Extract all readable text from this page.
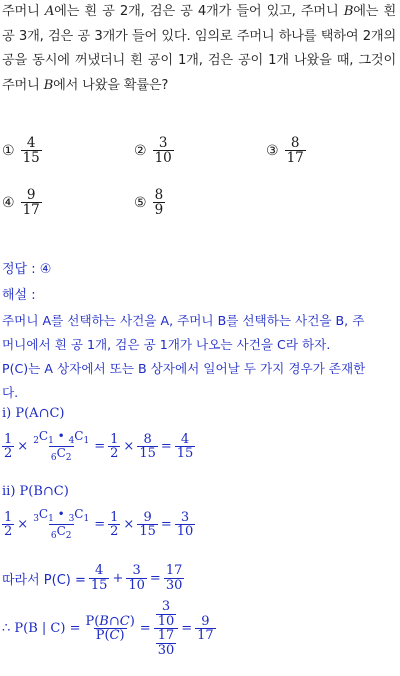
주머니 A에는 흰 공 2개, 검은 공 4개가 들어 있고, 주머니 B에는 흰 공 3개, 검은 공 3개가 들어 있다. 임의로 주머니 하나를 택하여 2개의 공을 동시에 꺼냈더니 흰 공이 1개, 검은 공이 1개 나왔을 때, 그것이 주머니 B에서 나왔을 확률은?
① $\frac{4}{15}$	② $\frac{3}{10}$	③ $\frac{8}{17}$
④ $\frac{9}{17}$	⑤ $\frac{8}{9}$
정답 : ④
해설 :
주머니 A를 선택하는 사건을 A, 주머니 B를 선택하는 사건을 B, 주
머니에서 흰 공 1개, 검은 공 1개가 나오는 사건을 C라 하자.
P(C)는 A 상자에서 또는 B 상자에서 일어날 두 가지 경우가 존재한
다.
ⅰ) P(A∩C)
$\frac{1}{2} \times \frac{_2C_1 • _4C_1}{_6C_2} = \frac{1}{2} \times \frac{8}{15} = \frac{4}{15}$
ⅱ) P(B∩C)
$\frac{1}{2} \times \frac{_3C_1 • _3C_1}{_6C_2} = \frac{1}{2} \times \frac{9}{15} = \frac{3}{10}$
따라서 $P(C) = \frac{4}{15} + \frac{3}{10} = \frac{17}{30}$
∴ P(B | $C) = \frac{P(B\cap C)}{P(C)} = \frac{\frac{3}{10}}{\frac{17}{30}} = \frac{9}{17}$
